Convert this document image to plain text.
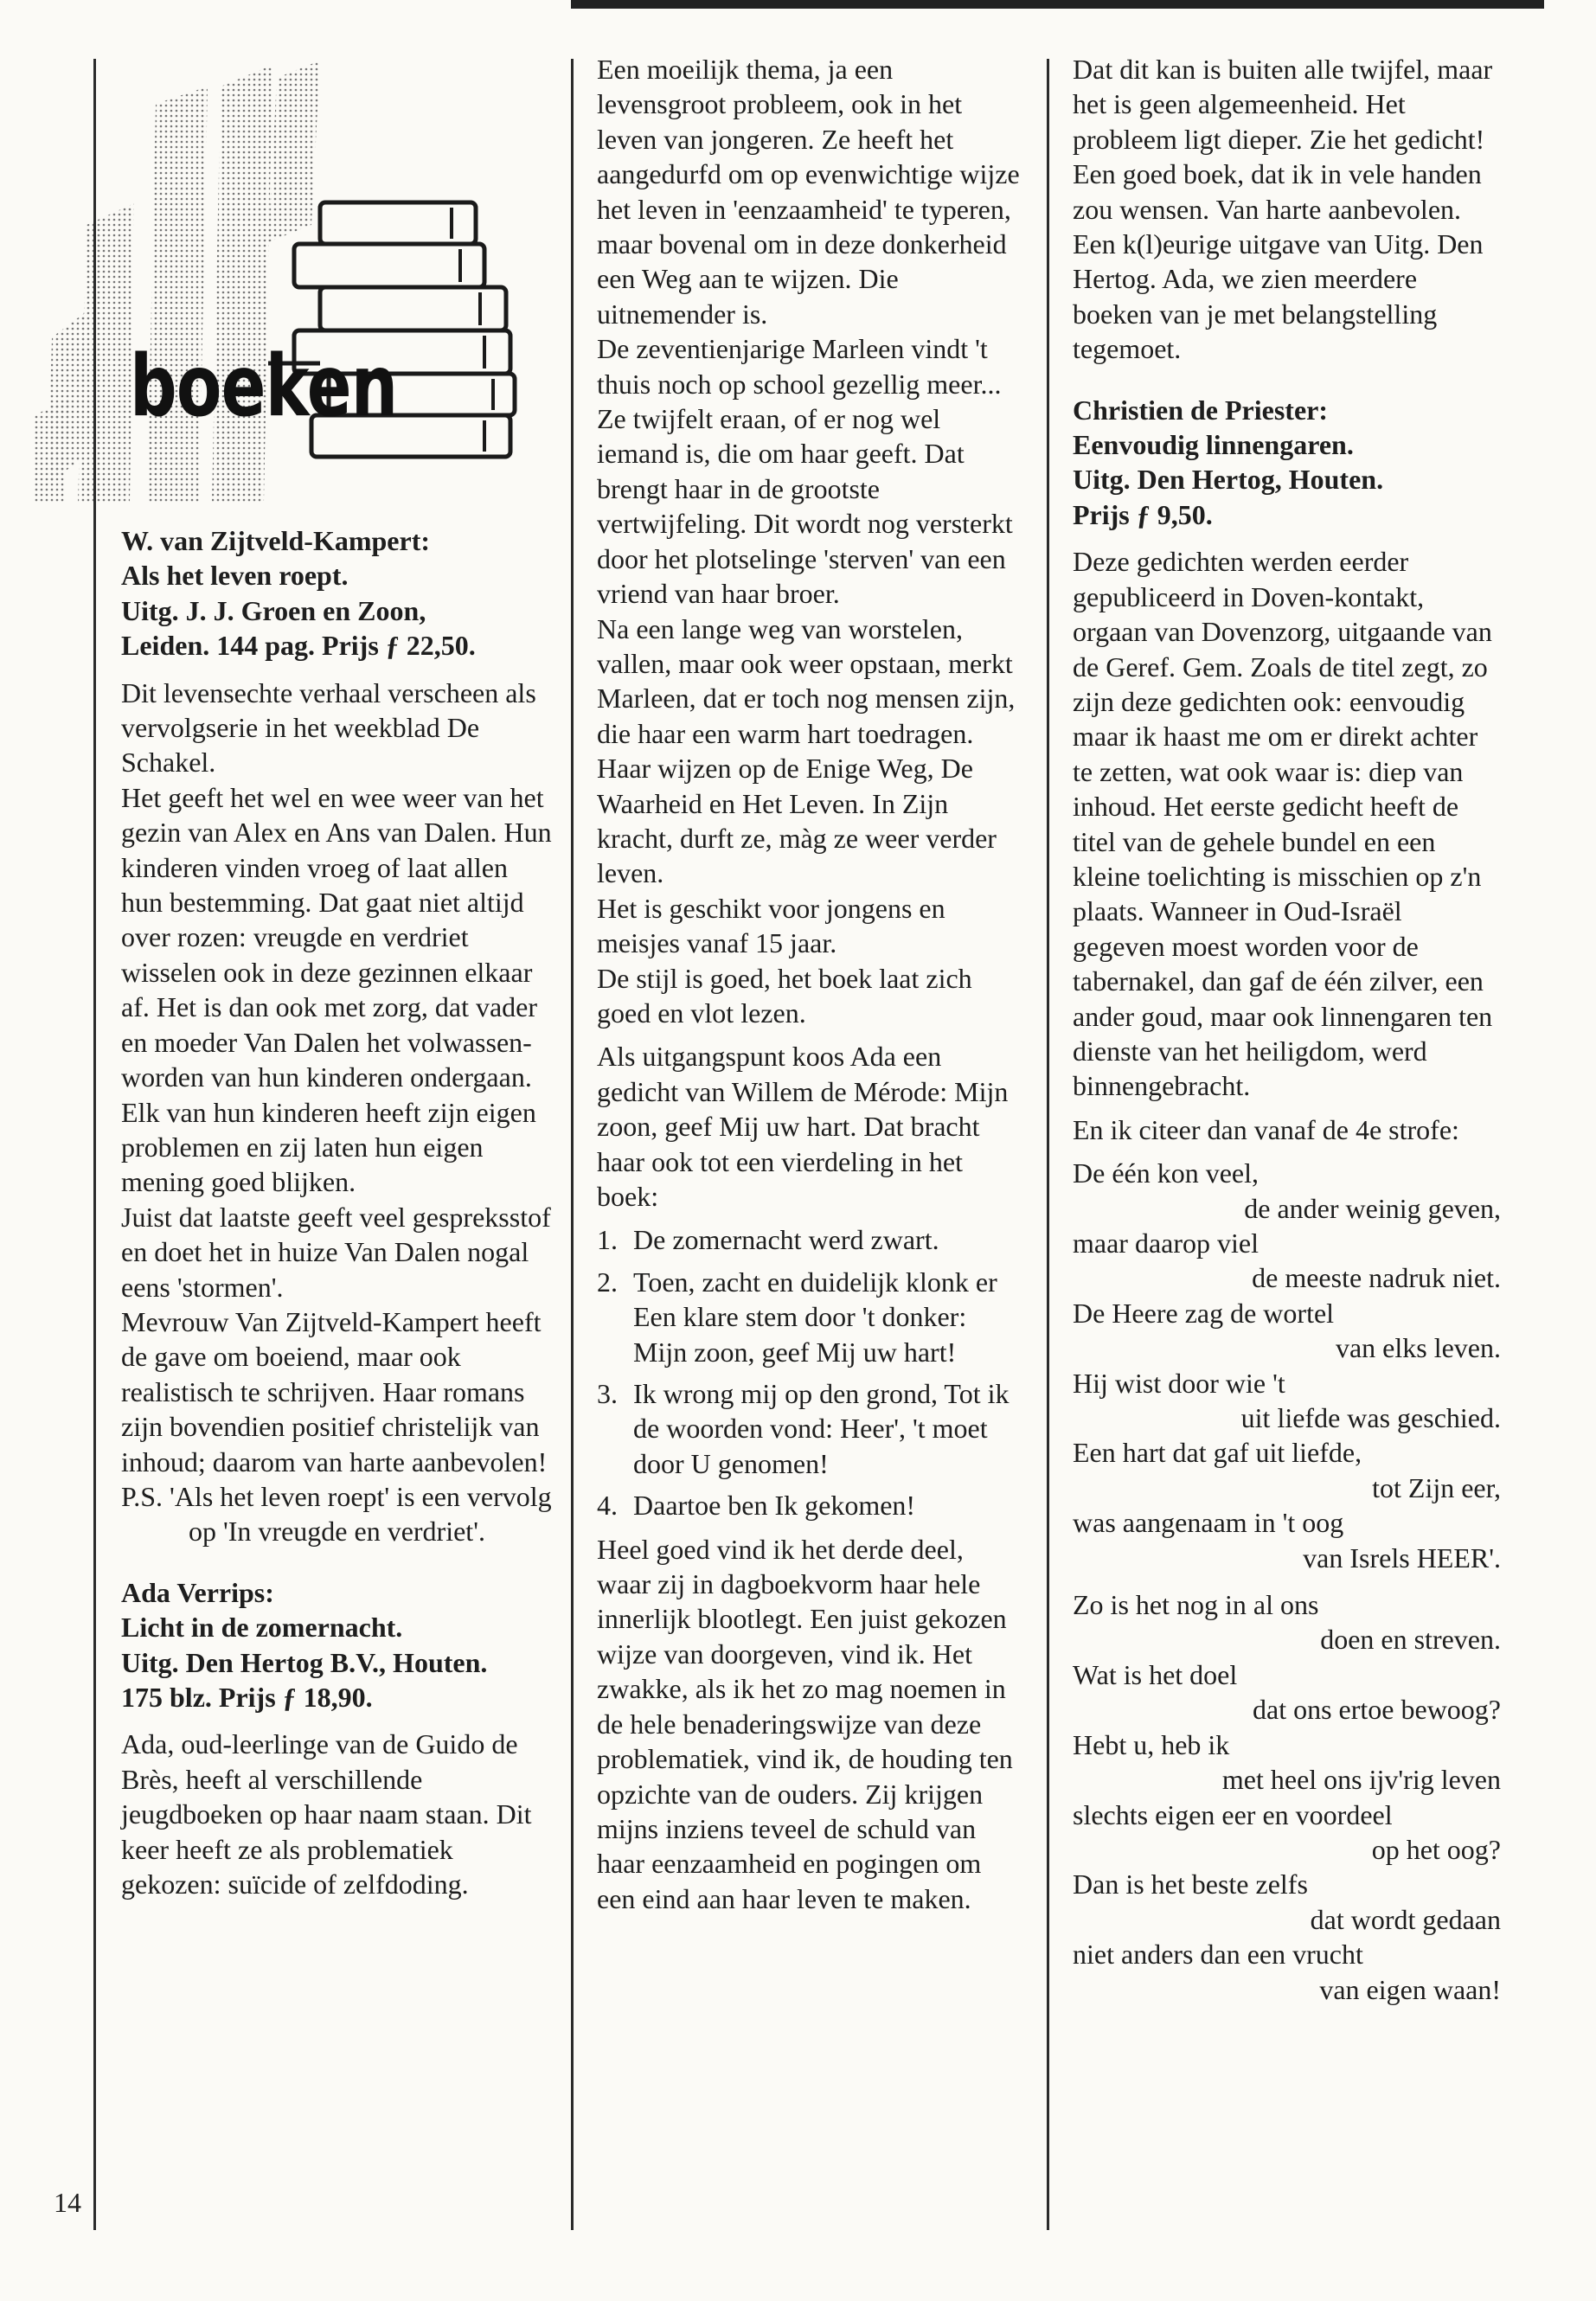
boeken
W. van Zijtveld-Kampert:
Als het leven roept.
Uitg. J. J. Groen en Zoon,
Leiden. 144 pag. Prijs ƒ 22,50.

Dit levensechte verhaal verscheen als vervolgserie in het weekblad De Schakel.

Het geeft het wel en wee weer van het gezin van Alex en Ans van Dalen. Hun kinderen vinden vroeg of laat allen hun bestemming. Dat gaat niet altijd over rozen: vreugde en verdriet wisselen ook in deze gezinnen elkaar af. Het is dan ook met zorg, dat vader en moeder Van Dalen het volwassen-worden van hun kinderen ondergaan.

Elk van hun kinderen heeft zijn eigen problemen en zij laten hun eigen mening goed blijken.

Juist dat laatste geeft veel gespreksstof en doet het in huize Van Dalen nogal eens 'stormen'.

Mevrouw Van Zijtveld-Kampert heeft de gave om boeiend, maar ook realistisch te schrijven. Haar romans zijn bovendien positief christelijk van inhoud; daarom van harte aanbevolen!

P.S. 'Als het leven roept' is een vervolg op 'In vreugde en verdriet'.

Ada Verrips:
Licht in de zomernacht.
Uitg. Den Hertog B.V., Houten.
175 blz. Prijs ƒ 18,90.

Ada, oud-leerlinge van de Guido de Brès, heeft al verschillende jeugdboeken op haar naam staan. Dit keer heeft ze als problematiek gekozen: suïcide of zelfdoding.

Een moeilijk thema, ja een levensgroot probleem, ook in het leven van jongeren. Ze heeft het aangedurfd om op evenwichtige wijze het leven in 'eenzaamheid' te typeren, maar bovenal om in deze donkerheid een Weg aan te wijzen. Die uitnemender is.

De zeventienjarige Marleen vindt 't thuis noch op school gezellig meer... Ze twijfelt eraan, of er nog wel iemand is, die om haar geeft. Dat brengt haar in de grootste vertwijfeling. Dit wordt nog versterkt door het plotselinge 'sterven' van een vriend van haar broer.

Na een lange weg van worstelen, vallen, maar ook weer opstaan, merkt Marleen, dat er toch nog mensen zijn, die haar een warm hart toedragen. Haar wijzen op de Enige Weg, De Waarheid en Het Leven. In Zijn kracht, durft ze, màg ze weer verder leven.

Het is geschikt voor jongens en meisjes vanaf 15 jaar.

De stijl is goed, het boek laat zich goed en vlot lezen.

Als uitgangspunt koos Ada een gedicht van Willem de Mérode: Mijn zoon, geef Mij uw hart. Dat bracht haar ook tot een vierdeling in het boek:

1. De zomernacht werd zwart.
2. Toen, zacht en duidelijk klonk er Een klare stem door 't donker: Mijn zoon, geef Mij uw hart!
3. Ik wrong mij op den grond, Tot ik de woorden vond: Heer', 't moet door U genomen!
4. Daartoe ben Ik gekomen!

Heel goed vind ik het derde deel, waar zij in dagboekvorm haar hele innerlijk blootlegt. Een juist gekozen wijze van doorgeven, vind ik. Het zwakke, als ik het zo mag noemen in de hele benaderingswijze van deze problematiek, vind ik, de houding ten opzichte van de ouders. Zij krijgen mijns inziens teveel de schuld van haar eenzaamheid en pogingen om een eind aan haar leven te maken.

Dat dit kan is buiten alle twijfel, maar het is geen algemeenheid. Het probleem ligt dieper. Zie het gedicht! Een goed boek, dat ik in vele handen zou wensen. Van harte aanbevolen. Een k(l)eurige uitgave van Uitg. Den Hertog. Ada, we zien meerdere boeken van je met belangstelling tegemoet.

Christien de Priester:
Eenvoudig linnengaren.
Uitg. Den Hertog, Houten.
Prijs ƒ 9,50.

Deze gedichten werden eerder gepubliceerd in Doven-kontakt, orgaan van Dovenzorg, uitgaande van de Geref. Gem. Zoals de titel zegt, zo zijn deze gedichten ook: eenvoudig maar ik haast me om er direkt achter te zetten, wat ook waar is: diep van inhoud. Het eerste gedicht heeft de titel van de gehele bundel en een kleine toelichting is misschien op z'n plaats. Wanneer in Oud-Israël gegeven moest worden voor de tabernakel, dan gaf de één zilver, een ander goud, maar ook linnengaren ten dienste van het heiligdom, werd binnengebracht.

En ik citeer dan vanaf de 4e strofe:

De één kon veel,
de ander weinig geven,
maar daarop viel
de meeste nadruk niet.
De Heere zag de wortel
van elks leven.
Hij wist door wie 't
uit liefde was geschied.
Een hart dat gaf uit liefde,
tot Zijn eer,
was aangenaam in 't oog
van Isrels HEER'.
Zo is het nog in al ons
doen en streven.
Wat is het doel
dat ons ertoe bewoog?
Hebt u, heb ik
met heel ons ijv'rig leven
slechts eigen eer en voordeel
op het oog?
Dan is het beste zelfs
dat wordt gedaan
niet anders dan een vrucht
van eigen waan!
14
